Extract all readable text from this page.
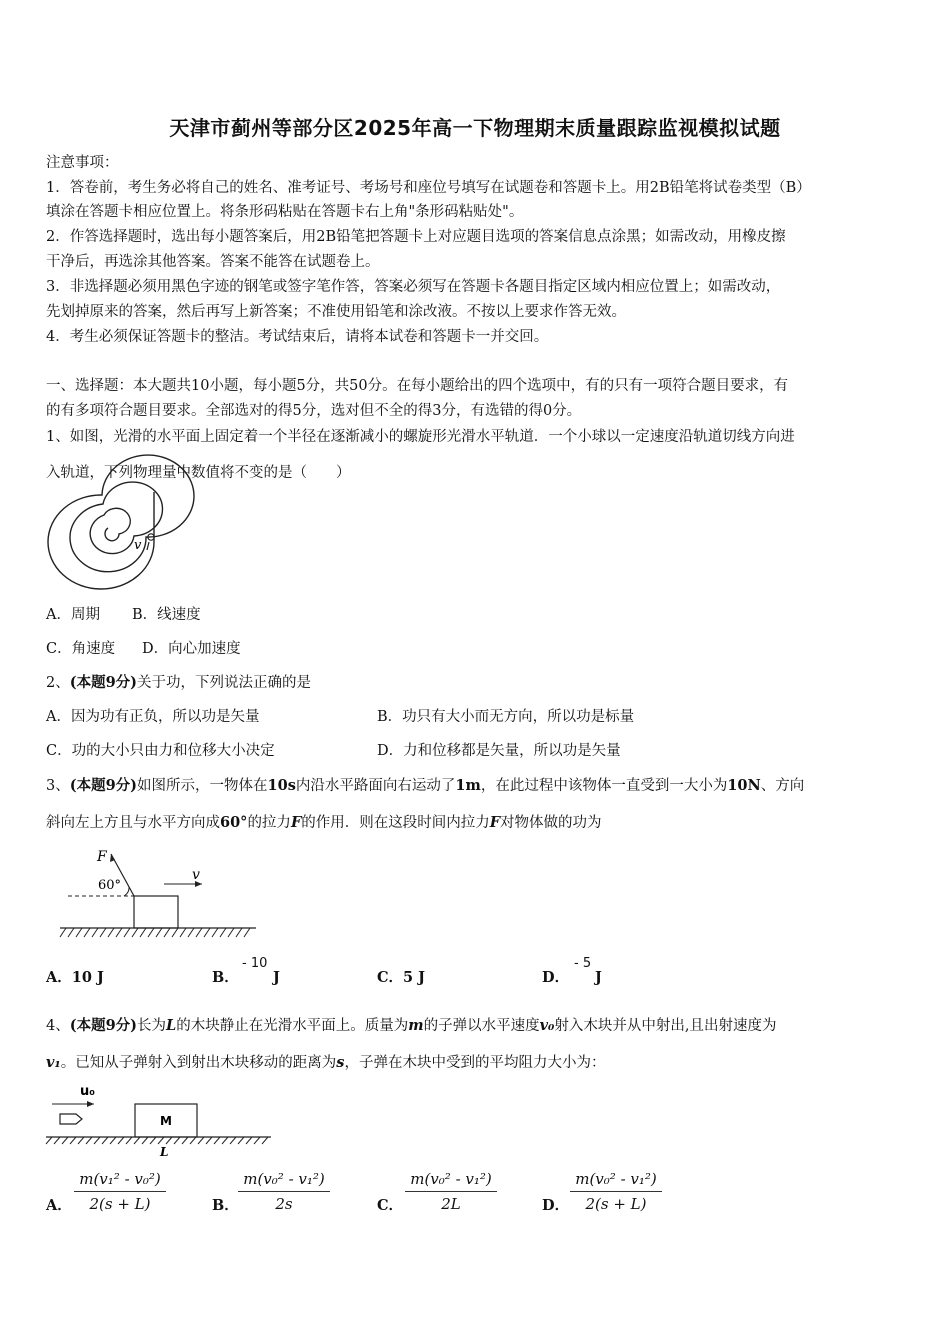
天津市蓟州等部分区2025年高一下物理期末质量跟踪监视模拟试题
注意事项：
1．答卷前，考生务必将自己的姓名、准考证号、考场号和座位号填写在试题卷和答题卡上。用2B铅笔将试卷类型（B）
填涂在答题卡相应位置上。将条形码粘贴在答题卡右上角"条形码粘贴处"。
2．作答选择题时，选出每小题答案后，用2B铅笔把答题卡上对应题目选项的答案信息点涂黑；如需改动，用橡皮擦
干净后，再选涂其他答案。答案不能答在试题卷上。
3．非选择题必须用黑色字迹的钢笔或签字笔作答，答案必须写在答题卡各题目指定区域内相应位置上；如需改动，
先划掉原来的答案，然后再写上新答案；不准使用铅笔和涂改液。不按以上要求作答无效。
4．考生必须保证答题卡的整洁。考试结束后，请将本试卷和答题卡一并交回。
一、选择题：本大题共10小题，每小题5分，共50分。在每小题给出的四个选项中，有的只有一项符合题目要求，有
的有多项符合题目要求。全部选对的得5分，选对但不全的得3分，有选错的得0分。
1、如图，光滑的水平面上固定着一个半径在逐渐减小的螺旋形光滑水平轨道．一个小球以一定速度沿轨道切线方向进
入轨道，下列物理量中数值将不变的是（　　）
v
A．周期 B．线速度
C．角速度 D．向心加速度
2、(本题9分)关于功，下列说法正确的是
A．因为功有正负，所以功是矢量	B．功只有大小而无方向，所以功是标量
C．功的大小只由力和位移大小决定	D．力和位移都是矢量，所以功是矢量
3、(本题9分)如图所示，一物体在10s内沿水平路面向右运动了1m，在此过程中该物体一直受到一大小为10N、方向
斜向左上方且与水平方向成60°的拉力F的作用．则在这段时间内拉力F对物体做的功为
F
60°
v
A．10 J	B．
- 10
J	C．5 J	D．
- 5
J
4、(本题9分)长为L的木块静止在光滑水平面上。质量为m的子弹以水平速度v₀射入木块并从中射出,且出射速度为
v₁。已知从子弹射入到射出木块移动的距离为s，子弹在木块中受到的平均阻力大小为：
u₀
M
L
A．
m(v₁² - v₀²)
2(s + L)	B．
m(v₀² - v₁²)
2s	C．
m(v₀² - v₁²)
2L	D．
m(v₀² - v₁²)
2(s + L)
